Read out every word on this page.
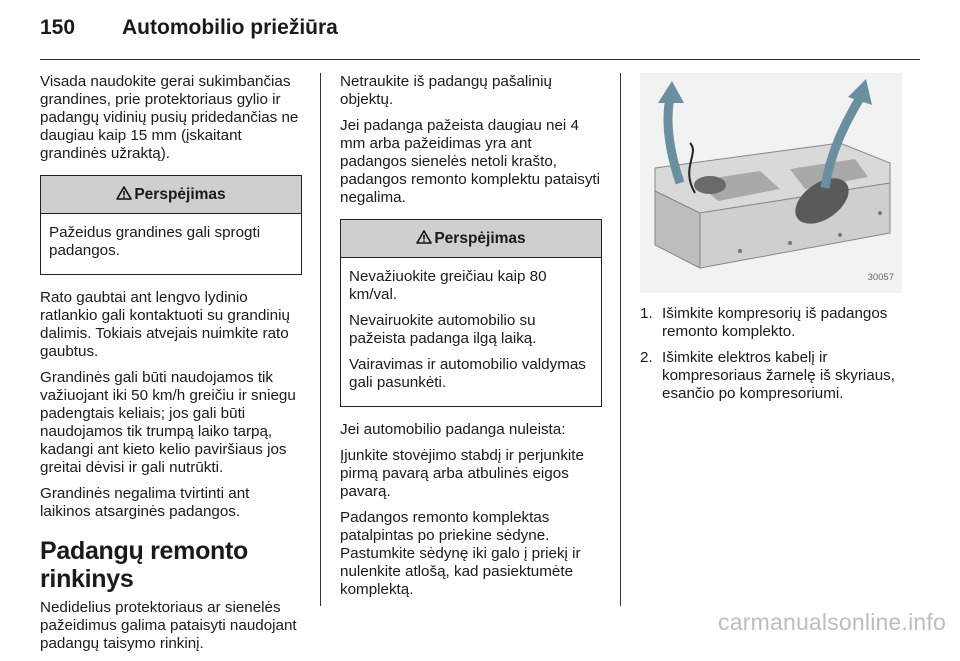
150 Automobilio priežiūra

Visada naudokite gerai sukimbančias grandines, prie protektoriaus gylio ir padangų vidinių pusių pridedančias ne daugiau kaip 15 mm (įskaitant grandinės užraktą).

Perspėjimas

Pažeidus grandines gali sprogti padangos.

Rato gaubtai ant lengvo lydinio ratlankio gali kontaktuoti su grandinių dalimis. Tokiais atvejais nuimkite rato gaubtus.

Grandinės gali būti naudojamos tik važiuojant iki 50 km/h greičiu ir sniegu padengtais keliais; jos gali būti naudojamos tik trumpą laiko tarpą, kadangi ant kieto kelio paviršiaus jos greitai dėvisi ir gali nutrūkti.

Grandinės negalima tvirtinti ant laikinos atsarginės padangos.

Padangų remonto rinkinys

Nedidelius protektoriaus ar sienelės pažeidimus galima pataisyti naudojant padangų taisymo rinkinį.

Netraukite iš padangų pašalinių objektų.

Jei padanga pažeista daugiau nei 4 mm arba pažeidimas yra ant padangos sienelės netoli krašto, padangos remonto komplektu pataisyti negalima.

Perspėjimas

Nevažiuokite greičiau kaip 80 km/val.

Nevairuokite automobilio su pažeista padanga ilgą laiką.

Vairavimas ir automobilio valdymas gali pasunkėti.

Jei automobilio padanga nuleista:

Įjunkite stovėjimo stabdį ir perjunkite pirmą pavarą arba atbulinės eigos pavarą.

Padangos remonto komplektas patalpintas po priekine sėdyne. Pastumkite sėdynę iki galo į priekį ir nulenkite atlošą, kad pasiektumėte komplektą.

30057
1. Išimkite kompresorių iš padangos remonto komplekto.
2. Išimkite elektros kabelį ir kompresoriaus žarnelę iš skyriaus, esančio po kompresoriumi.
carmanualsonline.info
